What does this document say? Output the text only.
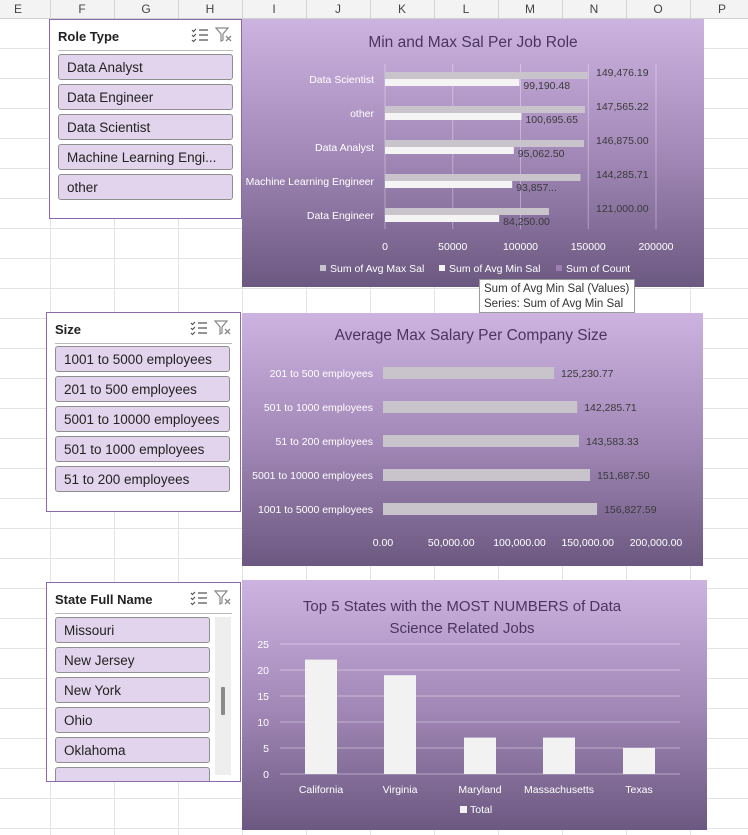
E	F	G	H	I	J	K	L	M	N	O	P
Role Type
Data Analyst
Data Engineer
Data Scientist
Machine Learning Engi...
other
Size
1001 to 5000 employees
201 to 500 employees
5001 to 10000 employees
501 to 1000 employees
51 to 200 employees
State Full Name
Missouri
New Jersey
New York
Ohio
Oklahoma
Min and Max Sal Per Job Role
0	50000	100000	150000	200000
Data Scientist
149,476.19
99,190.48
other
147,565.22
100,695.65
Data Analyst
146,875.00
95,062.50
Machine Learning Engineer
144,285.71
93,857...
Data Engineer
121,000.00
84,250.00
Sum of Avg Max Sal Sum of Avg Min Sal Sum of Count
Sum of Avg Min Sal (Values)
Series: Sum of Avg Min Sal
Average Max Salary Per Company Size
0.00	50,000.00 100,000.00 150,000.00 200,000.00
201 to 500 employees	125,230.77
501 to 1000 employees	142,285.71
51 to 200 employees	143,583.33
5001 to 10000 employees	151,687.50
1001 to 5000 employees	156,827.59
Top 5 States with the MOST NUMBERS of Data
Science Related Jobs
0
5
10
15
20
25
California	Virginia	Maryland Massachusetts	Texas
Total
